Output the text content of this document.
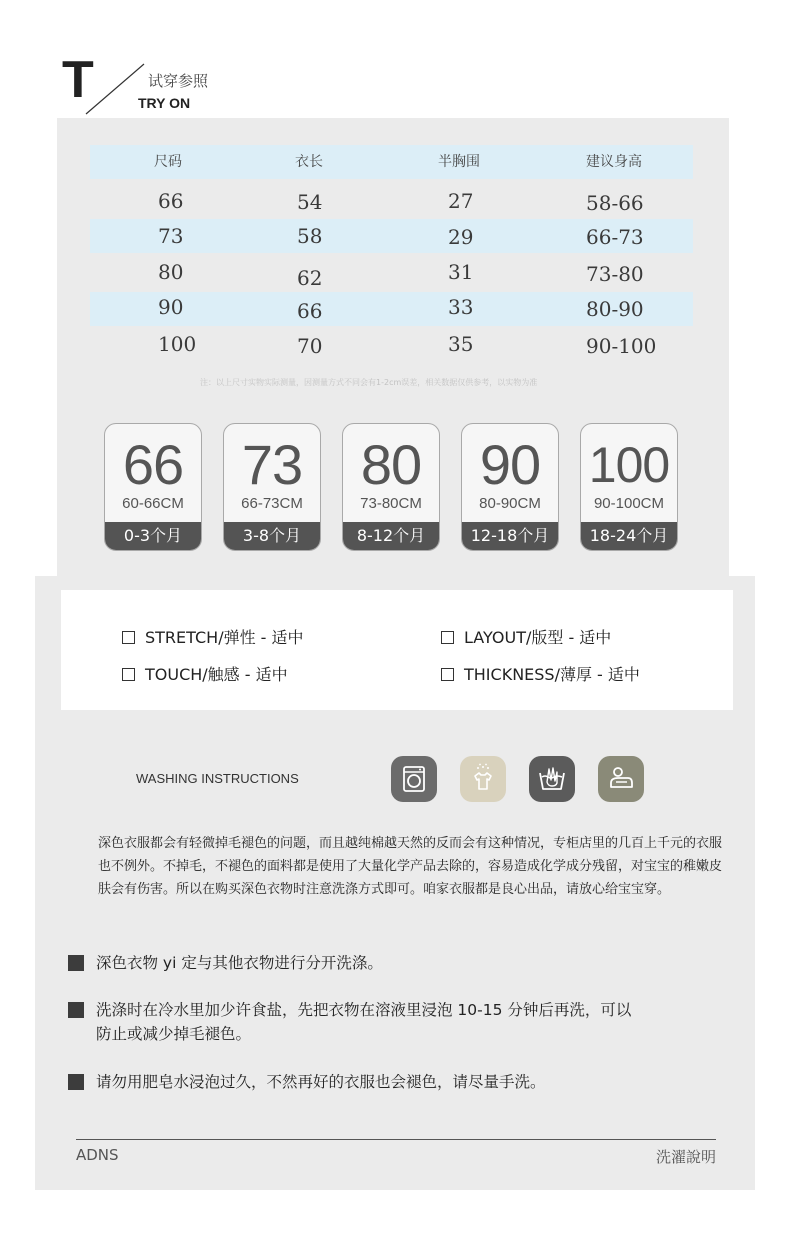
T	试穿参照
TRY ON
尺码	衣长	半胸围	建议身高
66	54	27	58-66
73	58	29	66-73
80	62	31	73-80
90	66	33	80-90
100	70	35	90-100
注：以上尺寸实物实际测量，因测量方式不同会有1-2cm误差，相关数据仅供参考，以实物为准
66
60-66CM
0-3个月
73
66-73CM
3-8个月
80
73-80CM
8-12个月
90
80-90CM
12-18个月
100
90-100CM
18-24个月
STRETCH/弹性 - 适中	LAYOUT/版型 - 适中
TOUCH/触感 - 适中	THICKNESS/薄厚 - 适中
WASHING INSTRUCTIONS
深色衣服都会有轻微掉毛褪色的问题，而且越纯棉越天然的反而会有这种情况，专柜店里的几百上千元的衣服也不例外。不掉毛，不褪色的面料都是使用了大量化学产品去除的，容易造成化学成分残留，对宝宝的稚嫩皮肤会有伤害。所以在购买深色衣物时注意洗涤方式即可。咱家衣服都是良心出品，请放心给宝宝穿。
深色衣物 yi 定与其他衣物进行分开洗涤。
洗涤时在冷水里加少许食盐，先把衣物在溶液里浸泡 10-15 分钟后再洗，可以防止或减少掉毛褪色。
请勿用肥皂水浸泡过久，不然再好的衣服也会褪色，请尽量手洗。
ADNS	洗濯說明
